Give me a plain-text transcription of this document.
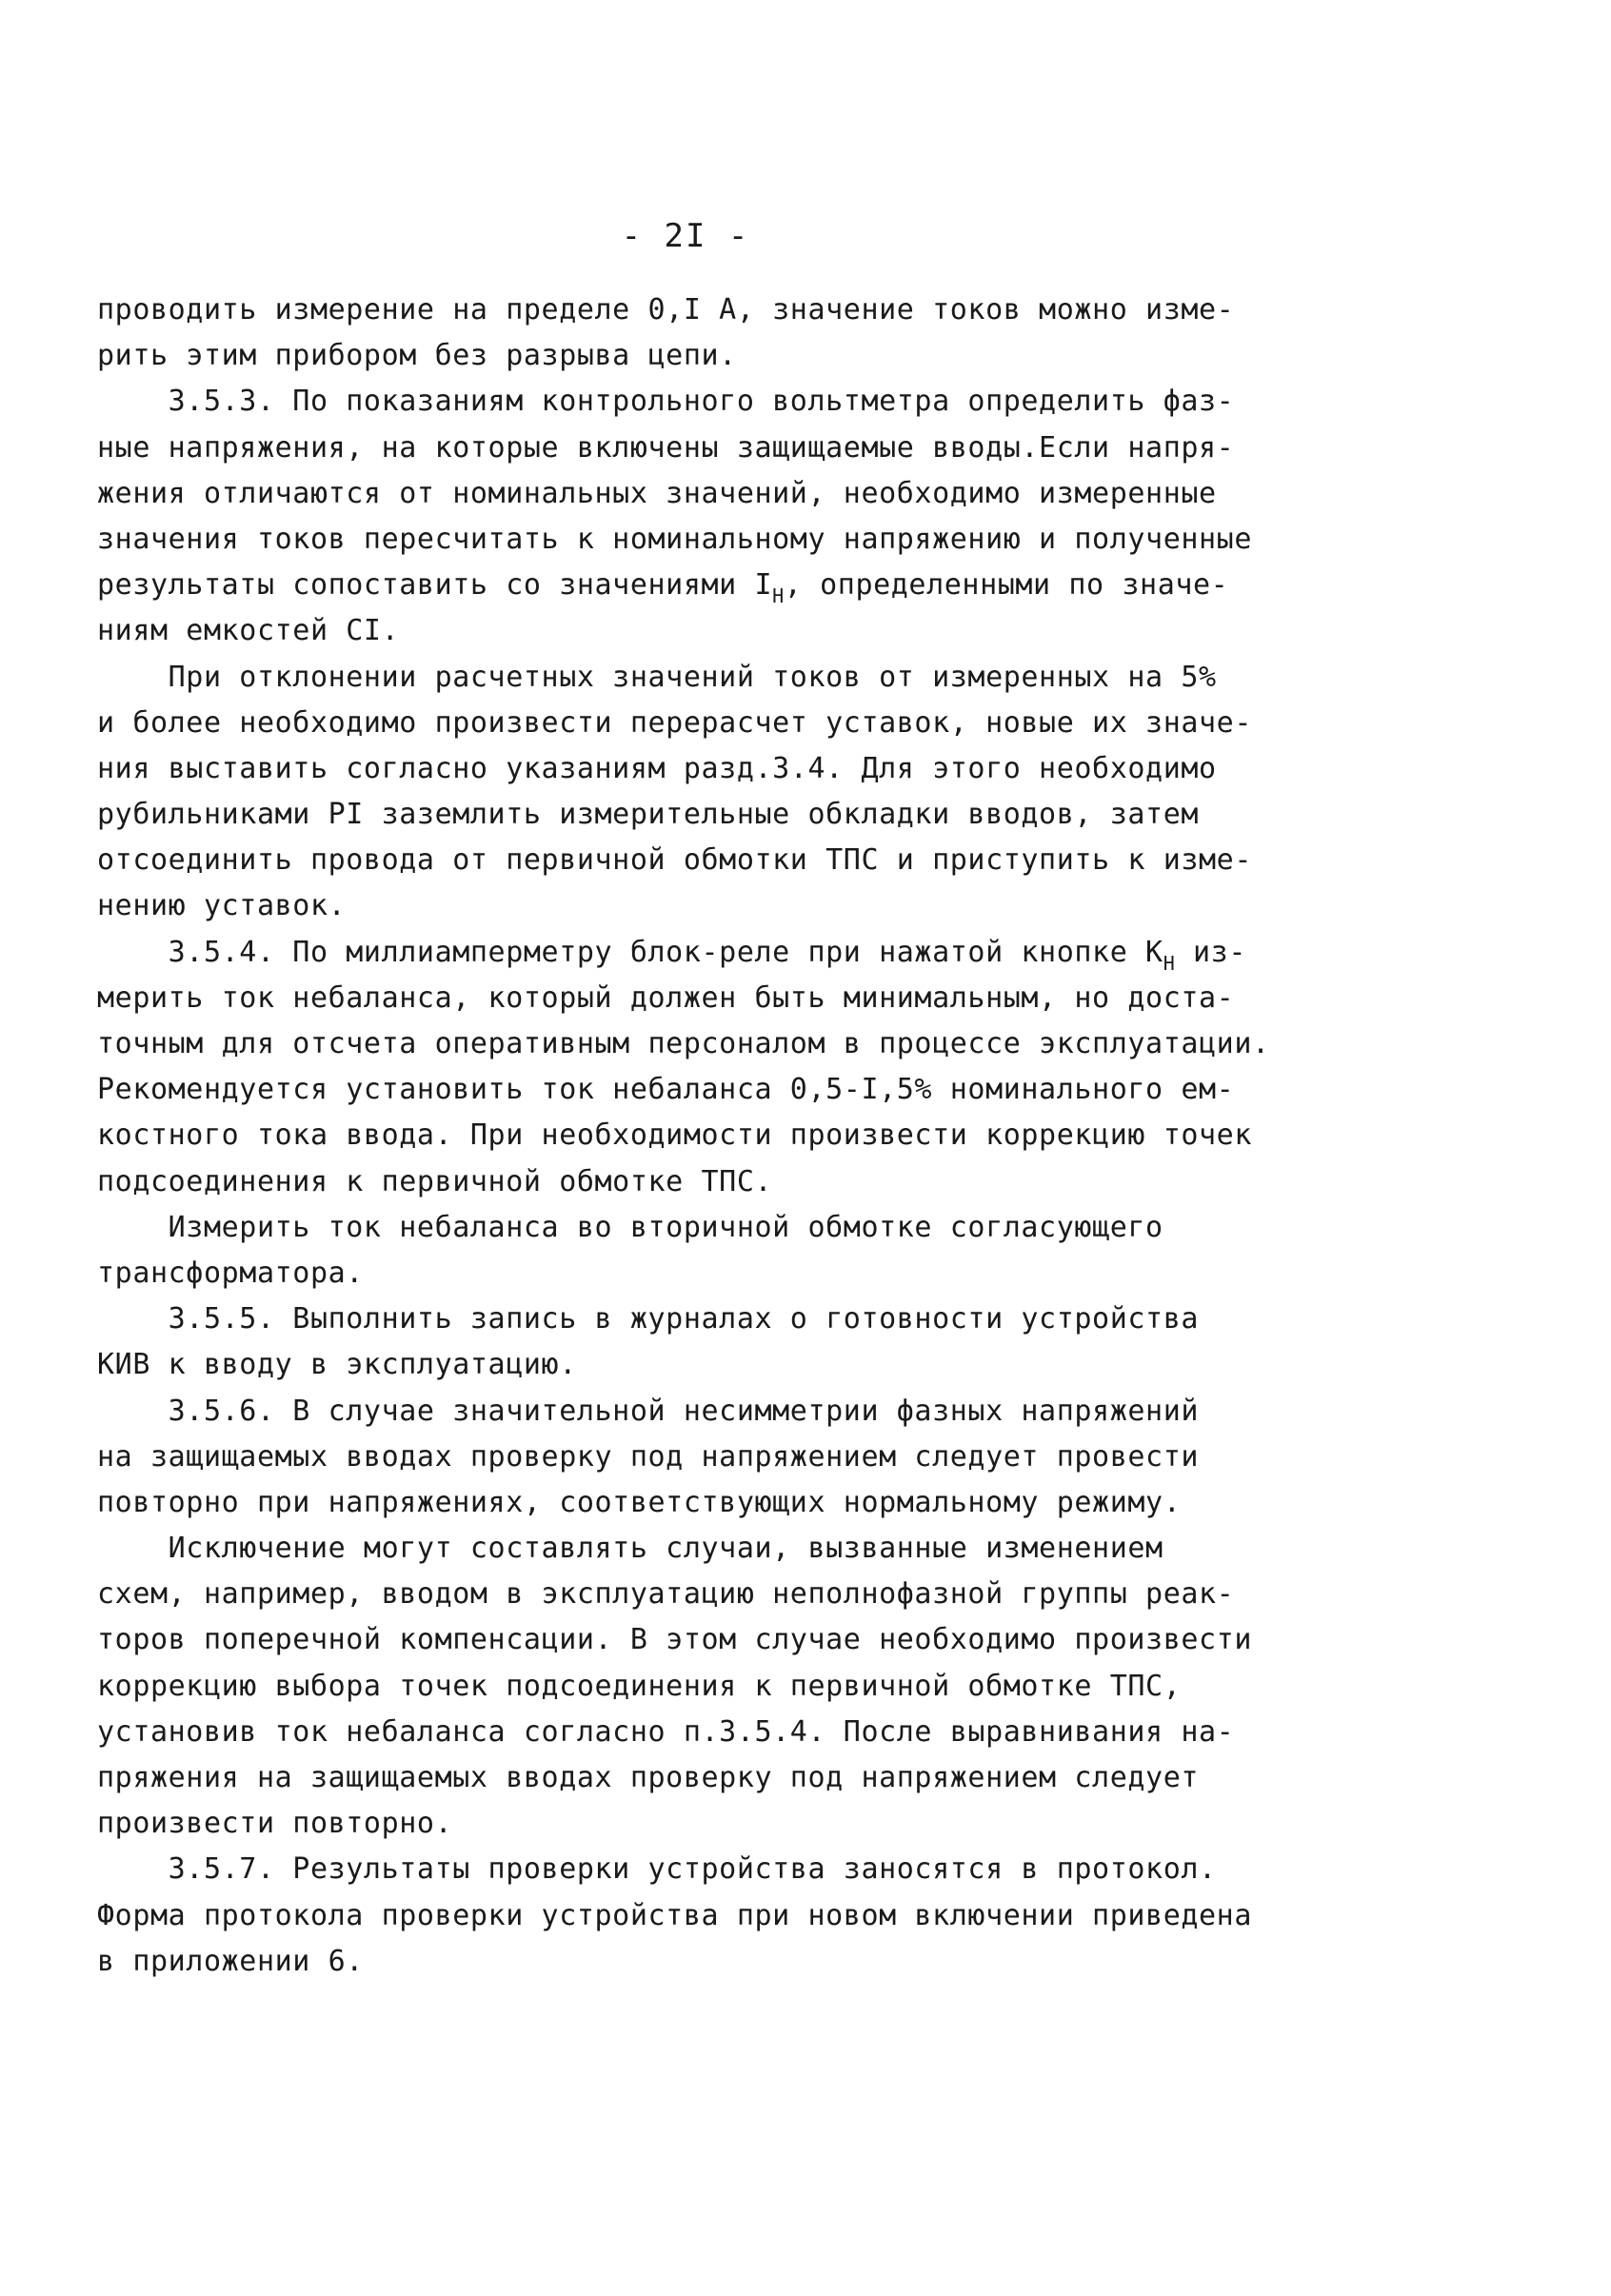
- 2I -
проводить измерение на пределе 0,I А, значение токов можно изме-
рить этим прибором без разрыва цепи.
3.5.3. По показаниям контрольного вольтметра определить фаз-
ные напряжения, на которые включены защищаемые вводы.Если напря-
жения отличаются от номинальных значений, необходимо измеренные
значения токов пересчитать к номинальному напряжению и полученные
результаты сопоставить со значениями $I_Н$, определенными по значе-
ниям емкостей СI.
При отклонении расчетных значений токов от измеренных на 5%
и более необходимо произвести перерасчет уставок, новые их значе-
ния выставить согласно указаниям разд.3.4. Для этого необходимо
рубильниками РI заземлить измерительные обкладки вводов, затем
отсоединить провода от первичной обмотки ТПС и приступить к изме-
нению уставок.
3.5.4. По миллиамперметру блок-реле при нажатой кнопке $К_Н$ из-
мерить ток небаланса, который должен быть минимальным, но доста-
точным для отсчета оперативным персоналом в процессе эксплуатации.
Рекомендуется установить ток небаланса 0,5-I,5% номинального ем-
костного тока ввода. При необходимости произвести коррекцию точек
подсоединения к первичной обмотке ТПС.
Измерить ток небаланса во вторичной обмотке согласующего
трансформатора.
3.5.5. Выполнить запись в журналах о готовности устройства
КИВ к вводу в эксплуатацию.
3.5.6. В случае значительной несимметрии фазных напряжений
на защищаемых вводах проверку под напряжением следует провести
повторно при напряжениях, соответствующих нормальному режиму.
Исключение могут составлять случаи, вызванные изменением
схем, например, вводом в эксплуатацию неполнофазной группы реак-
торов поперечной компенсации. В этом случае необходимо произвести
коррекцию выбора точек подсоединения к первичной обмотке ТПС,
установив ток небаланса согласно п.3.5.4. После выравнивания на-
пряжения на защищаемых вводах проверку под напряжением следует
произвести повторно.
3.5.7. Результаты проверки устройства заносятся в протокол.
Форма протокола проверки устройства при новом включении приведена
в приложении 6.
